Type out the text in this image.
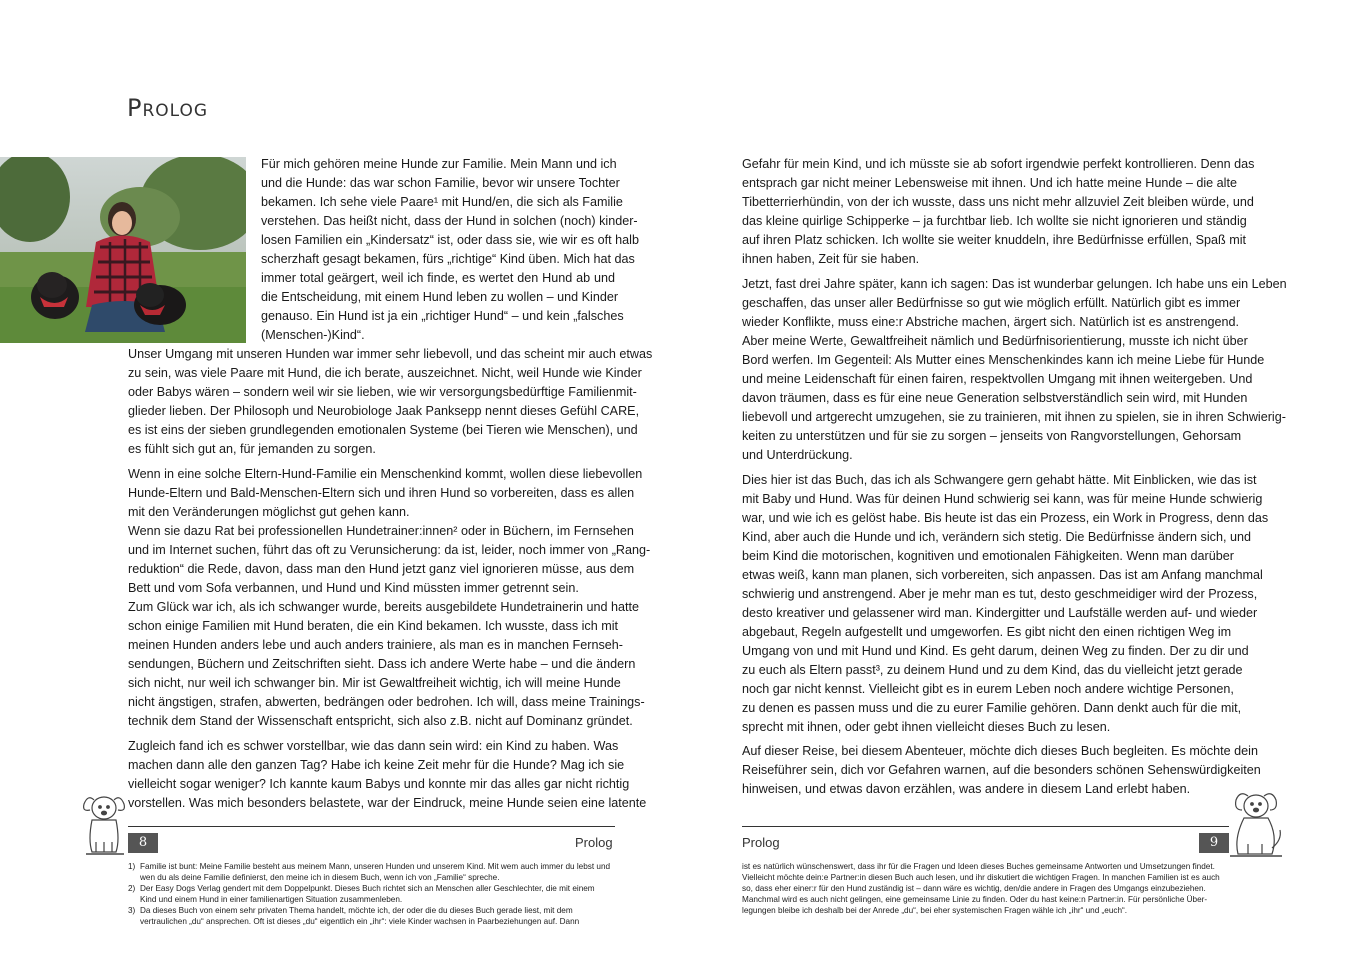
Prolog
Für mich gehören meine Hunde zur Familie. Mein Mann und ich
und die Hunde: das war schon Familie, bevor wir unsere Tochter
bekamen. Ich sehe viele Paare¹ mit Hund/en, die sich als Familie
verstehen. Das heißt nicht, dass der Hund in solchen (noch) kinder-
losen Familien ein „Kindersatz“ ist, oder dass sie, wie wir es oft halb
scherzhaft gesagt bekamen, fürs „richtige“ Kind üben. Mich hat das
immer total geärgert, weil ich finde, es wertet den Hund ab und
die Entscheidung, mit einem Hund leben zu wollen – und Kinder
genauso. Ein Hund ist ja ein „richtiger Hund“ – und kein „falsches
(Menschen-)Kind“.
Unser Umgang mit unseren Hunden war immer sehr liebevoll, und das scheint mir auch etwas
zu sein, was viele Paare mit Hund, die ich berate, auszeichnet. Nicht, weil Hunde wie Kinder
oder Babys wären – sondern weil wir sie lieben, wie wir versorgungsbedürftige Familienmit-
glieder lieben. Der Philosoph und Neurobiologe Jaak Panksepp nennt dieses Gefühl CARE,
es ist eins der sieben grundlegenden emotionalen Systeme (bei Tieren wie Menschen), und
es fühlt sich gut an, für jemanden zu sorgen.
Wenn in eine solche Eltern-Hund-Familie ein Menschenkind kommt, wollen diese liebevollen
Hunde-Eltern und Bald-Menschen-Eltern sich und ihren Hund so vorbereiten, dass es allen
mit den Veränderungen möglichst gut gehen kann.
Wenn sie dazu Rat bei professionellen Hundetrainer:innen² oder in Büchern, im Fernsehen
und im Internet suchen, führt das oft zu Verunsicherung: da ist, leider, noch immer von „Rang-
reduktion“ die Rede, davon, dass man den Hund jetzt ganz viel ignorieren müsse, aus dem
Bett und vom Sofa verbannen, und Hund und Kind müssten immer getrennt sein.
Zum Glück war ich, als ich schwanger wurde, bereits ausgebildete Hundetrainerin und hatte
schon einige Familien mit Hund beraten, die ein Kind bekamen. Ich wusste, dass ich mit
meinen Hunden anders lebe und auch anders trainiere, als man es in manchen Fernseh-
sendungen, Büchern und Zeitschriften sieht. Dass ich andere Werte habe – und die ändern
sich nicht, nur weil ich schwanger bin. Mir ist Gewaltfreiheit wichtig, ich will meine Hunde
nicht ängstigen, strafen, abwerten, bedrängen oder bedrohen. Ich will, dass meine Trainings-
technik dem Stand der Wissenschaft entspricht, sich also z.B. nicht auf Dominanz gründet.
Zugleich fand ich es schwer vorstellbar, wie das dann sein wird: ein Kind zu haben. Was
machen dann alle den ganzen Tag? Habe ich keine Zeit mehr für die Hunde? Mag ich sie
vielleicht sogar weniger? Ich kannte kaum Babys und konnte mir das alles gar nicht richtig
vorstellen. Was mich besonders belastete, war der Eindruck, meine Hunde seien eine latente
8	Prolog
1) Familie ist bunt: Meine Familie besteht aus meinem Mann, unseren Hunden und unserem Kind. Mit wem auch immer du lebst und
wen du als deine Familie definierst, den meine ich in diesem Buch, wenn ich von „Familie“ spreche.
2) Der Easy Dogs Verlag gendert mit dem Doppelpunkt. Dieses Buch richtet sich an Menschen aller Geschlechter, die mit einem
Kind und einem Hund in einer familienartigen Situation zusammenleben.
3) Da dieses Buch von einem sehr privaten Thema handelt, möchte ich, der oder die du dieses Buch gerade liest, mit dem
vertraulichen „du“ ansprechen. Oft ist dieses „du“ eigentlich ein „ihr“: viele Kinder wachsen in Paarbeziehungen auf. Dann
Gefahr für mein Kind, und ich müsste sie ab sofort irgendwie perfekt kontrollieren. Denn das
entsprach gar nicht meiner Lebensweise mit ihnen. Und ich hatte meine Hunde – die alte
Tibetterrierhündin, von der ich wusste, dass uns nicht mehr allzuviel Zeit bleiben würde, und
das kleine quirlige Schipperke – ja furchtbar lieb. Ich wollte sie nicht ignorieren und ständig
auf ihren Platz schicken. Ich wollte sie weiter knuddeln, ihre Bedürfnisse erfüllen, Spaß mit
ihnen haben, Zeit für sie haben.
Jetzt, fast drei Jahre später, kann ich sagen: Das ist wunderbar gelungen. Ich habe uns ein Leben
geschaffen, das unser aller Bedürfnisse so gut wie möglich erfüllt. Natürlich gibt es immer
wieder Konflikte, muss eine:r Abstriche machen, ärgert sich. Natürlich ist es anstrengend.
Aber meine Werte, Gewaltfreiheit nämlich und Bedürfnisorientierung, musste ich nicht über
Bord werfen. Im Gegenteil: Als Mutter eines Menschenkindes kann ich meine Liebe für Hunde
und meine Leidenschaft für einen fairen, respektvollen Umgang mit ihnen weitergeben. Und
davon träumen, dass es für eine neue Generation selbstverständlich sein wird, mit Hunden
liebevoll und artgerecht umzugehen, sie zu trainieren, mit ihnen zu spielen, sie in ihren Schwierig-
keiten zu unterstützen und für sie zu sorgen – jenseits von Rangvorstellungen, Gehorsam
und Unterdrückung.
Dies hier ist das Buch, das ich als Schwangere gern gehabt hätte. Mit Einblicken, wie das ist
mit Baby und Hund. Was für deinen Hund schwierig sei kann, was für meine Hunde schwierig
war, und wie ich es gelöst habe. Bis heute ist das ein Prozess, ein Work in Progress, denn das
Kind, aber auch die Hunde und ich, verändern sich stetig. Die Bedürfnisse ändern sich, und
beim Kind die motorischen, kognitiven und emotionalen Fähigkeiten. Wenn man darüber
etwas weiß, kann man planen, sich vorbereiten, sich anpassen. Das ist am Anfang manchmal
schwierig und anstrengend. Aber je mehr man es tut, desto geschmeidiger wird der Prozess,
desto kreativer und gelassener wird man. Kindergitter und Laufställe werden auf- und wieder
abgebaut, Regeln aufgestellt und umgeworfen. Es gibt nicht den einen richtigen Weg im
Umgang von und mit Hund und Kind. Es geht darum, deinen Weg zu finden. Der zu dir und
zu euch als Eltern passt³, zu deinem Hund und zu dem Kind, das du vielleicht jetzt gerade
noch gar nicht kennst. Vielleicht gibt es in eurem Leben noch andere wichtige Personen,
zu denen es passen muss und die zu eurer Familie gehören. Dann denkt auch für die mit,
sprecht mit ihnen, oder gebt ihnen vielleicht dieses Buch zu lesen.
Auf dieser Reise, bei diesem Abenteuer, möchte dich dieses Buch begleiten. Es möchte dein
Reiseführer sein, dich vor Gefahren warnen, auf die besonders schönen Sehenswürdigkeiten
hinweisen, und etwas davon erzählen, was andere in diesem Land erlebt haben.
Prolog	9
ist es natürlich wünschenswert, dass ihr für die Fragen und Ideen dieses Buches gemeinsame Antworten und Umsetzungen findet.
Vielleicht möchte dein:e Partner:in diesen Buch auch lesen, und ihr diskutiert die wichtigen Fragen. In manchen Familien ist es auch
so, dass eher einer:r für den Hund zuständig ist – dann wäre es wichtig, den/die andere in Fragen des Umgangs einzubeziehen.
Manchmal wird es auch nicht gelingen, eine gemeinsame Linie zu finden. Oder du hast keine:n Partner:in. Für persönliche Über-
legungen bleibe ich deshalb bei der Anrede „du“, bei eher systemischen Fragen wähle ich „ihr“ und „euch“.
